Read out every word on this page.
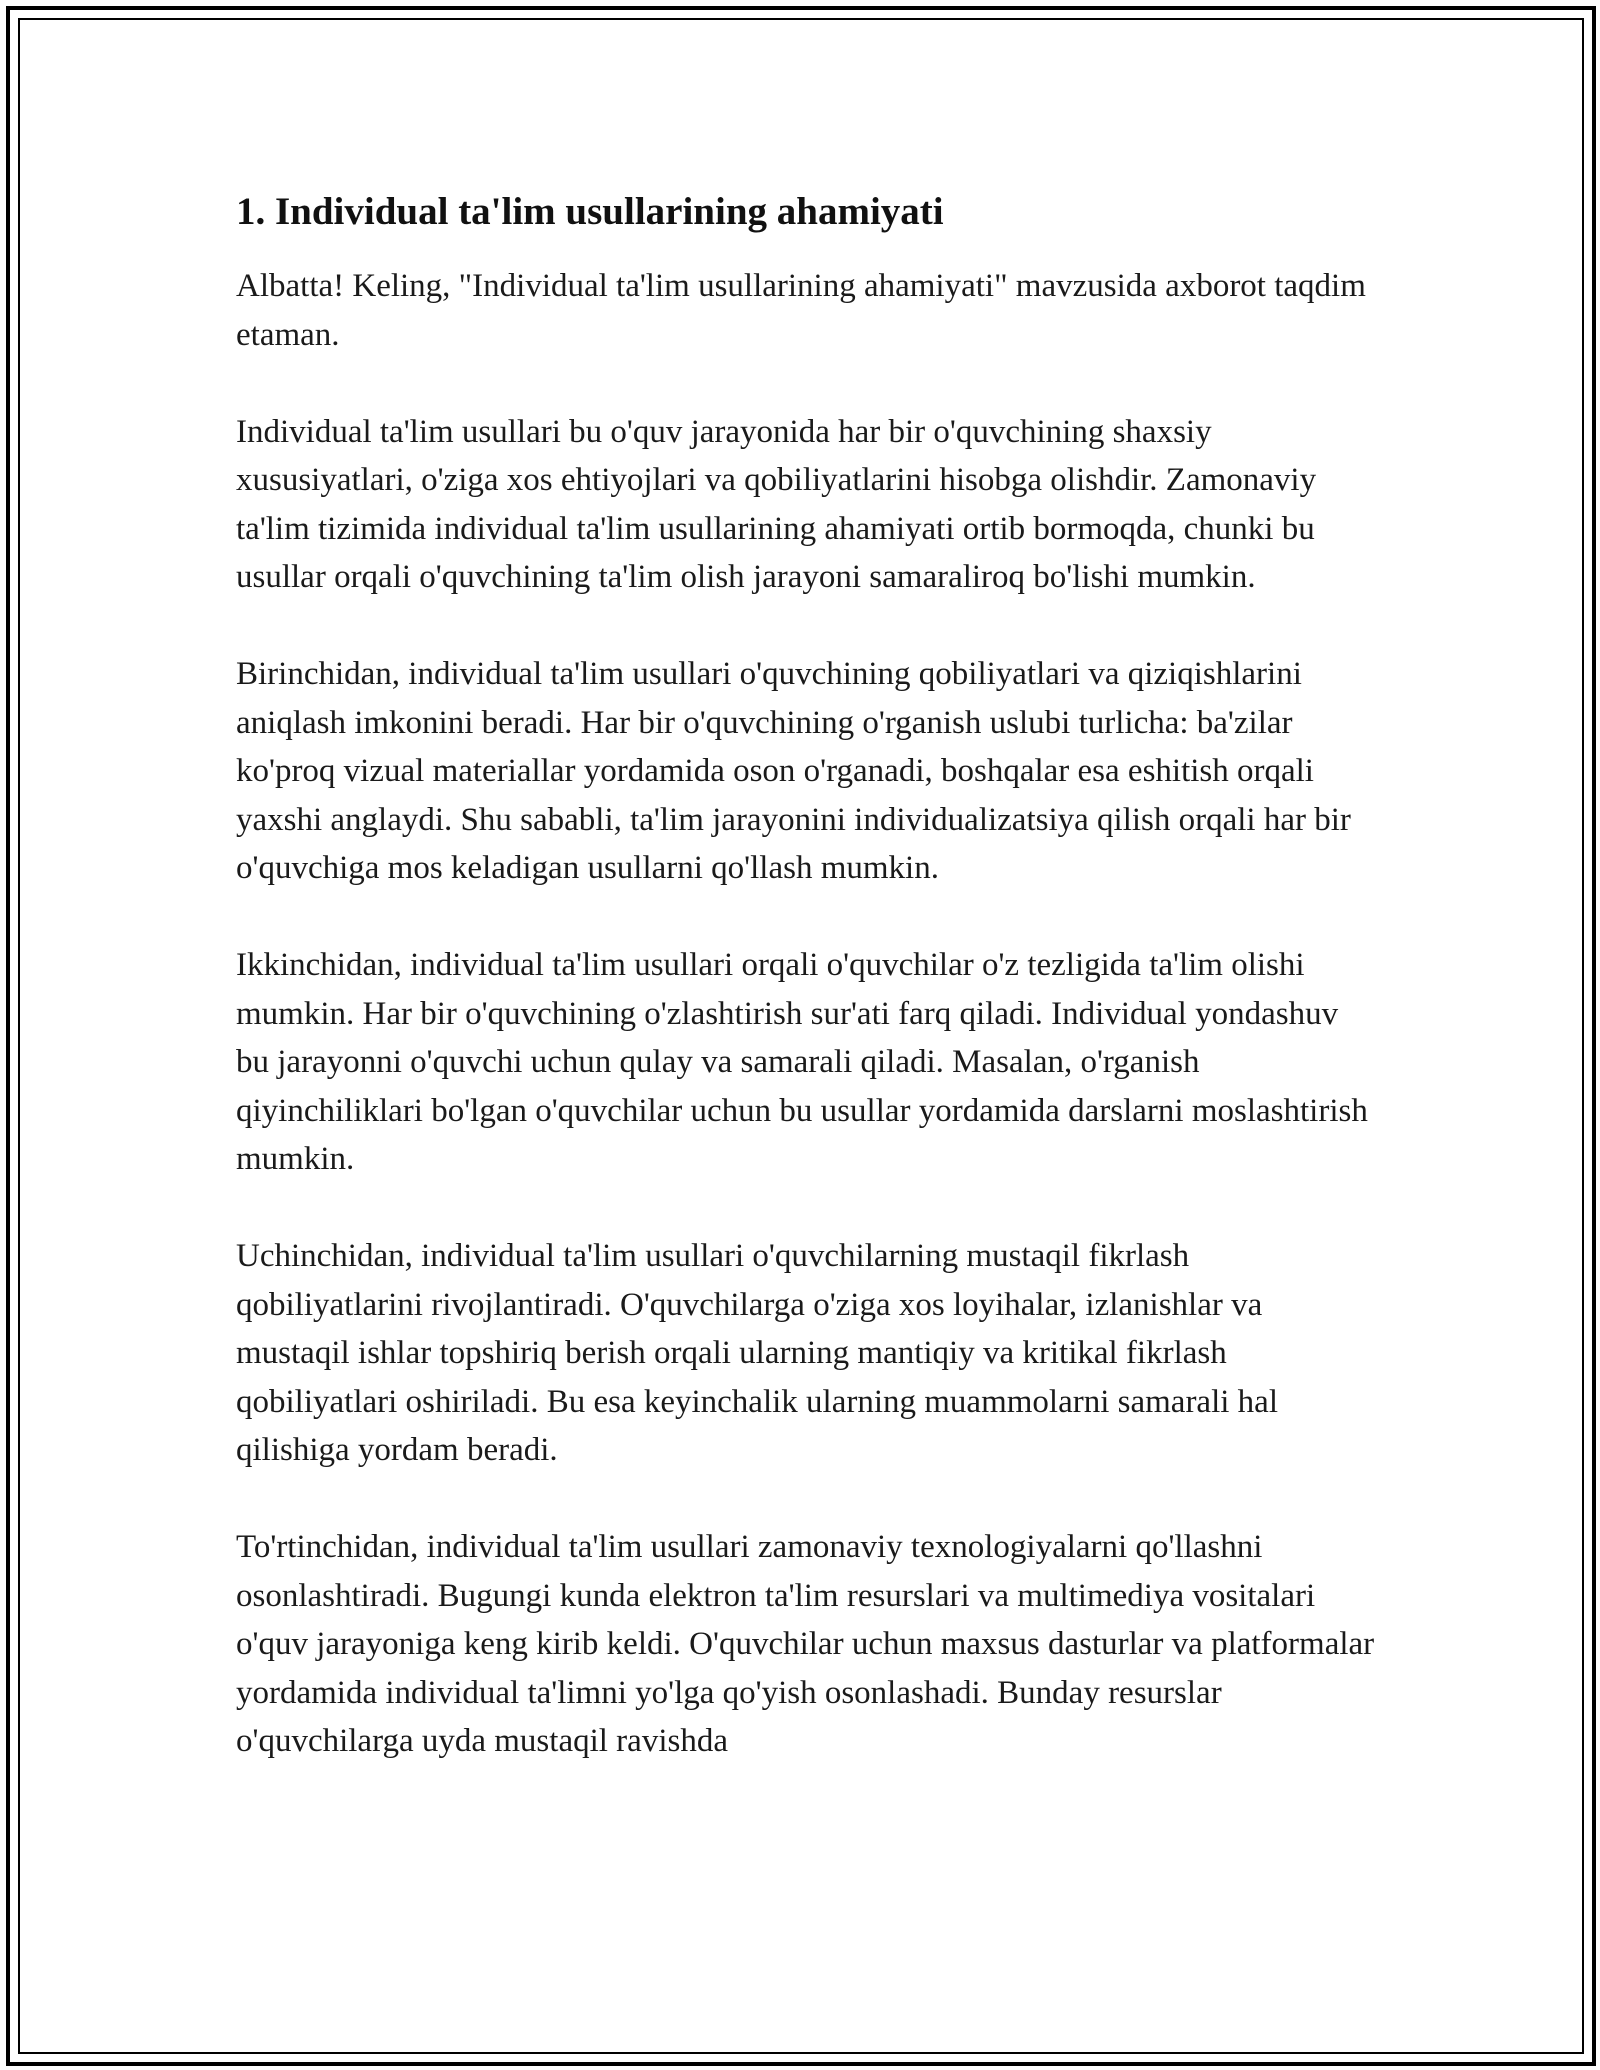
1. Individual ta'lim usullarining ahamiyati

Albatta! Keling, "Individual ta'lim usullarining ahamiyati" mavzusida axborot taqdim etaman.

Individual ta'lim usullari bu o'quv jarayonida har bir o'quvchining shaxsiy xususiyatlari, o'ziga xos ehtiyojlari va qobiliyatlarini hisobga olishdir. Zamonaviy ta'lim tizimida individual ta'lim usullarining ahamiyati ortib bormoqda, chunki bu usullar orqali o'quvchining ta'lim olish jarayoni samaraliroq bo'lishi mumkin.

Birinchidan, individual ta'lim usullari o'quvchining qobiliyatlari va qiziqishlarini aniqlash imkonini beradi. Har bir o'quvchining o'rganish uslubi turlicha: ba'zilar ko'proq vizual materiallar yordamida oson o'rganadi, boshqalar esa eshitish orqali yaxshi anglaydi. Shu sababli, ta'lim jarayonini individualizatsiya qilish orqali har bir o'quvchiga mos keladigan usullarni qo'llash mumkin.

Ikkinchidan, individual ta'lim usullari orqali o'quvchilar o'z tezligida ta'lim olishi mumkin. Har bir o'quvchining o'zlashtirish sur'ati farq qiladi. Individual yondashuv bu jarayonni o'quvchi uchun qulay va samarali qiladi. Masalan, o'rganish qiyinchiliklari bo'lgan o'quvchilar uchun bu usullar yordamida darslarni moslashtirish mumkin.

Uchinchidan, individual ta'lim usullari o'quvchilarning mustaqil fikrlash qobiliyatlarini rivojlantiradi. O'quvchilarga o'ziga xos loyihalar, izlanishlar va mustaqil ishlar topshiriq berish orqali ularning mantiqiy va kritikal fikrlash qobiliyatlari oshiriladi. Bu esa keyinchalik ularning muammolarni samarali hal qilishiga yordam beradi.

To'rtinchidan, individual ta'lim usullari zamonaviy texnologiyalarni qo'llashni osonlashtiradi. Bugungi kunda elektron ta'lim resurslari va multimediya vositalari o'quv jarayoniga keng kirib keldi. O'quvchilar uchun maxsus dasturlar va platformalar yordamida individual ta'limni yo'lga qo'yish osonlashadi. Bunday resurslar o'quvchilarga uyda mustaqil ravishda
